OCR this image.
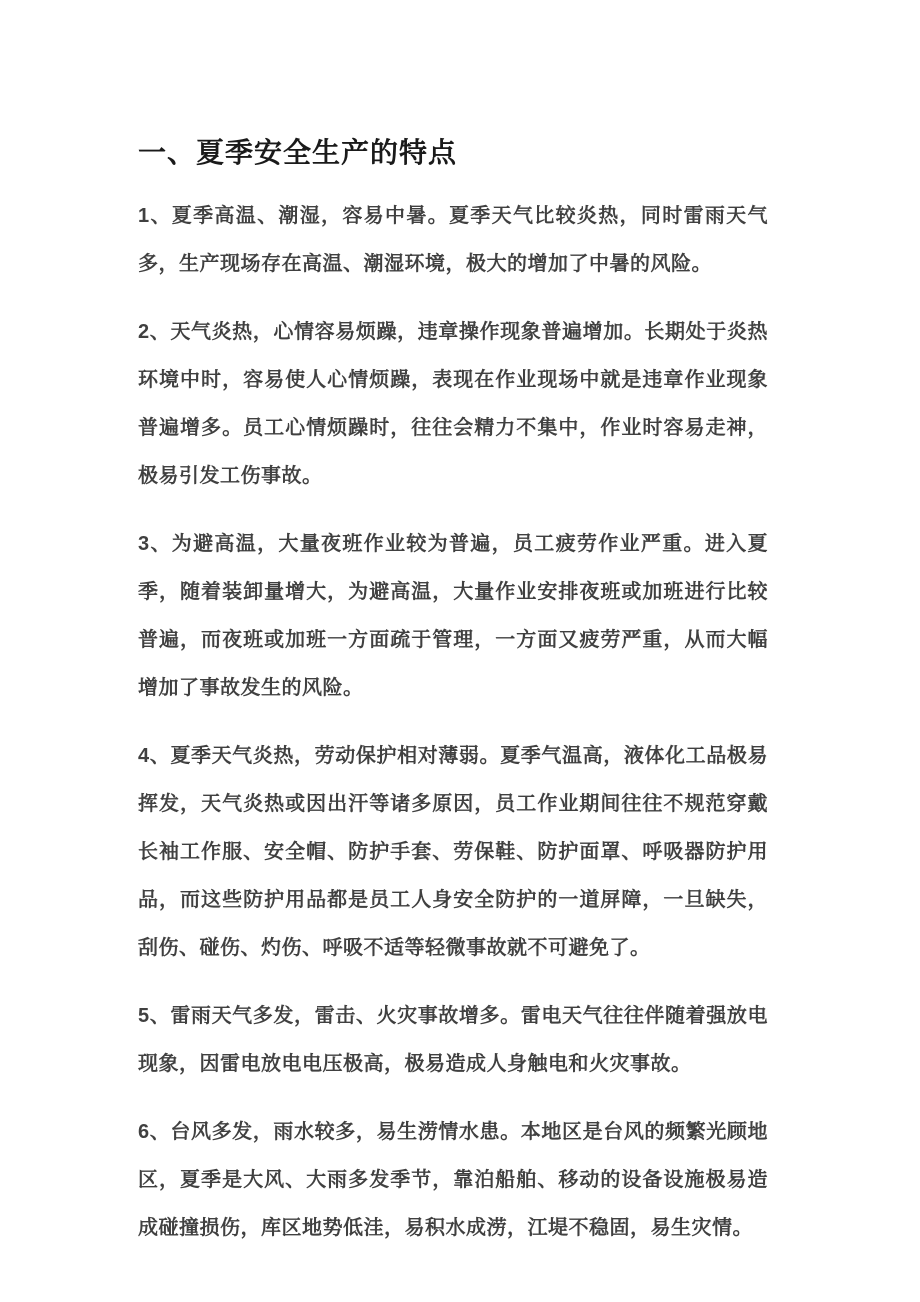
一、夏季安全生产的特点

1、夏季高温、潮湿，容易中暑。夏季天气比较炎热，同时雷雨天气多，生产现场存在高温、潮湿环境，极大的增加了中暑的风险。

2、天气炎热，心情容易烦躁，违章操作现象普遍增加。长期处于炎热环境中时，容易使人心情烦躁，表现在作业现场中就是违章作业现象普遍增多。员工心情烦躁时，往往会精力不集中，作业时容易走神，极易引发工伤事故。

3、为避高温，大量夜班作业较为普遍，员工疲劳作业严重。进入夏季，随着装卸量增大，为避高温，大量作业安排夜班或加班进行比较普遍，而夜班或加班一方面疏于管理，一方面又疲劳严重，从而大幅增加了事故发生的风险。

4、夏季天气炎热，劳动保护相对薄弱。夏季气温高，液体化工品极易挥发，天气炎热或因出汗等诸多原因，员工作业期间往往不规范穿戴长袖工作服、安全帽、防护手套、劳保鞋、防护面罩、呼吸器防护用品，而这些防护用品都是员工人身安全防护的一道屏障，一旦缺失，刮伤、碰伤、灼伤、呼吸不适等轻微事故就不可避免了。

5、雷雨天气多发，雷击、火灾事故增多。雷电天气往往伴随着强放电现象，因雷电放电电压极高，极易造成人身触电和火灾事故。

6、台风多发，雨水较多，易生涝情水患。本地区是台风的频繁光顾地区，夏季是大风、大雨多发季节，靠泊船舶、移动的设备设施极易造成碰撞损伤，库区地势低洼，易积水成涝，江堤不稳固，易生灾情。
